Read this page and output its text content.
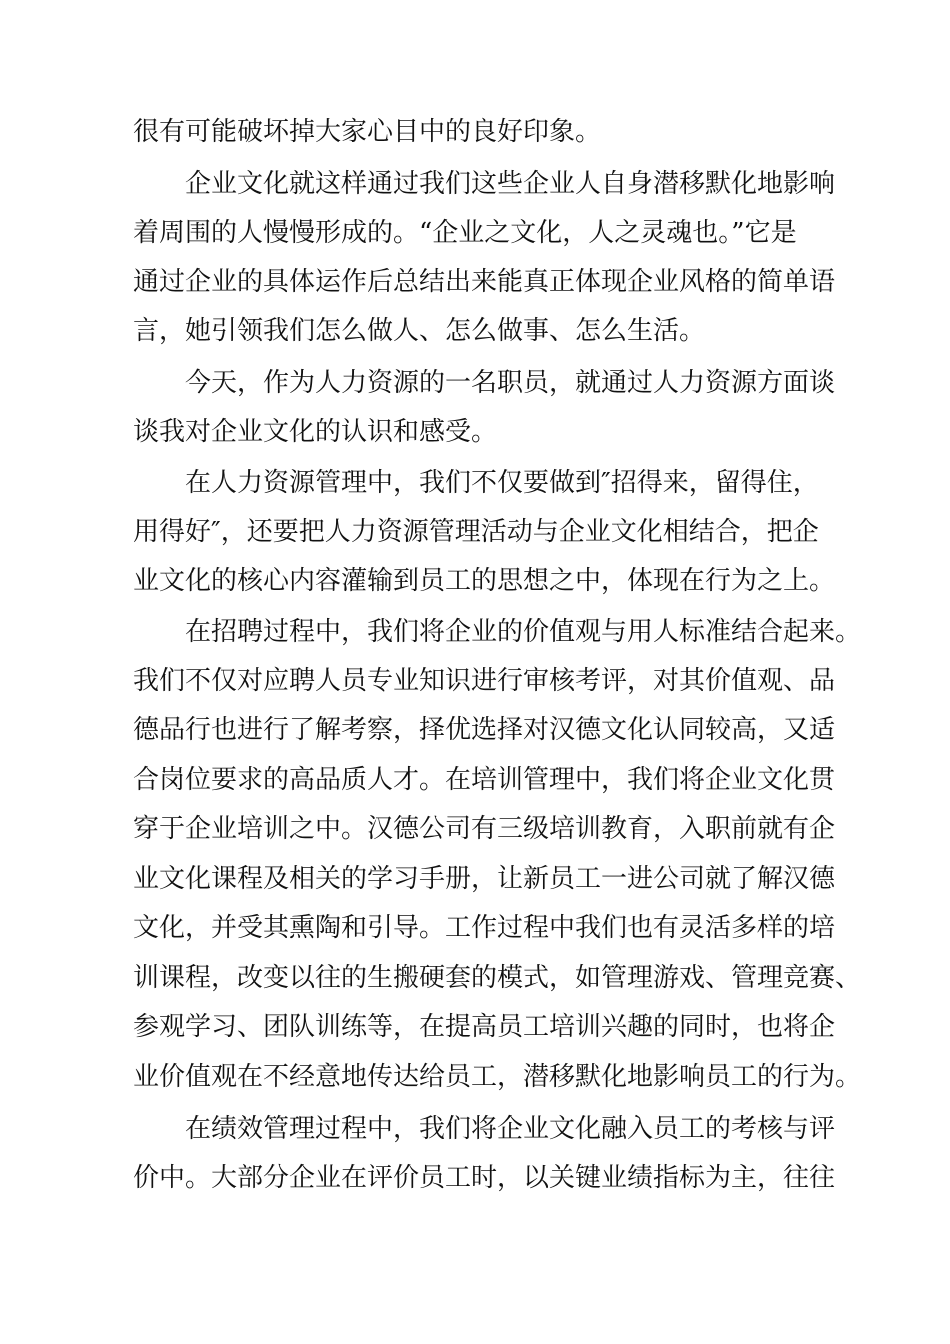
很有可能破坏掉大家心目中的良好印象。

　　企业文化就这样通过我们这些企业人自身潜移默化地影响

着周围的人慢慢形成的。“企业之文化，人之灵魂也。”它是

通过企业的具体运作后总结出来能真正体现企业风格的简单语

言，她引领我们怎么做人、怎么做事、怎么生活。

　　今天，作为人力资源的一名职员，就通过人力资源方面谈

谈我对企业文化的认识和感受。

　　在人力资源管理中，我们不仅要做到″招得来，留得住，

用得好″，还要把人力资源管理活动与企业文化相结合，把企

业文化的核心内容灌输到员工的思想之中，体现在行为之上。

　　在招聘过程中，我们将企业的价值观与用人标准结合起来。

我们不仅对应聘人员专业知识进行审核考评，对其价值观、品

德品行也进行了解考察，择优选择对汉德文化认同较高，又适

合岗位要求的高品质人才。在培训管理中，我们将企业文化贯

穿于企业培训之中。汉德公司有三级培训教育，入职前就有企

业文化课程及相关的学习手册，让新员工一进公司就了解汉德

文化，并受其熏陶和引导。工作过程中我们也有灵活多样的培

训课程，改变以往的生搬硬套的模式，如管理游戏、管理竞赛、

参观学习、团队训练等，在提高员工培训兴趣的同时，也将企

业价值观在不经意地传达给员工，潜移默化地影响员工的行为。

　　在绩效管理过程中，我们将企业文化融入员工的考核与评

价中。大部分企业在评价员工时，以关键业绩指标为主，往往
